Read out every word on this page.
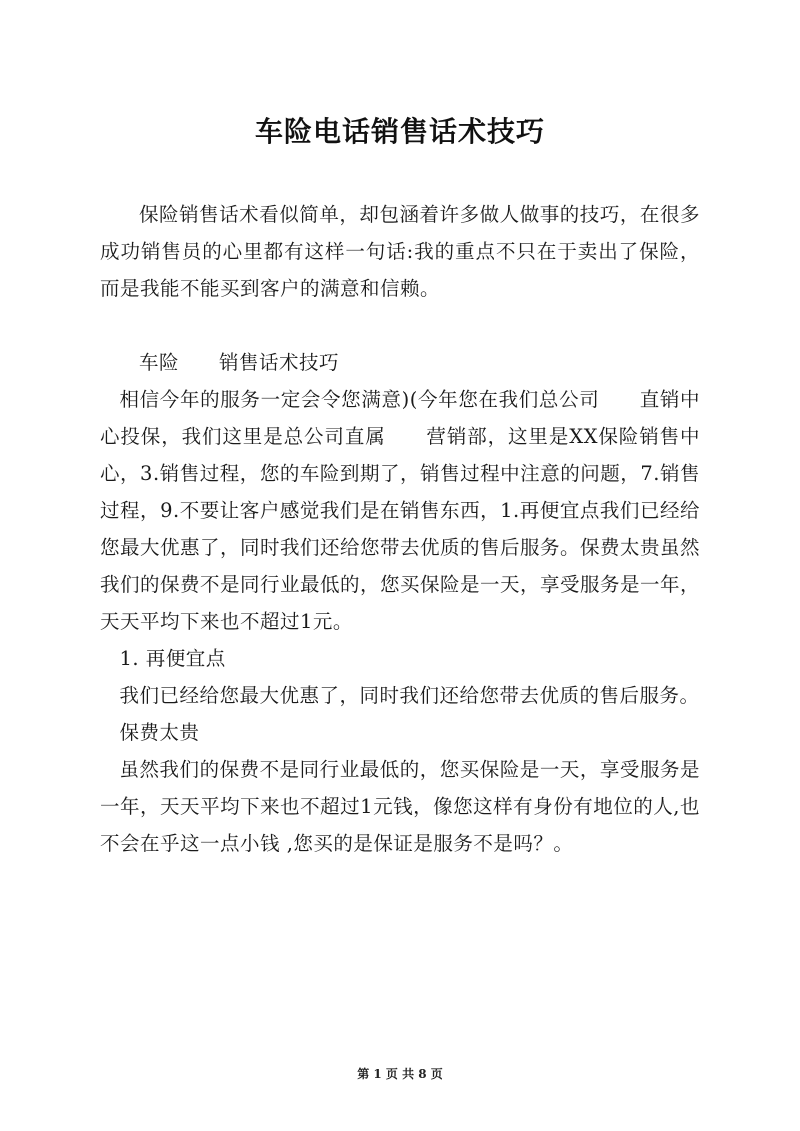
车险电话销售话术技巧

保险销售话术看似简单，却包涵着许多做人做事的技巧，在很多成功销售员的心里都有这样一句话:我的重点不只在于卖出了保险，而是我能不能买到客户的满意和信赖。

车险　　销售话术技巧

相信今年的服务一定会令您满意)(今年您在我们总公司　　直销中心投保，我们这里是总公司直属　　营销部，这里是XX保险销售中心，3.销售过程，您的车险到期了，销售过程中注意的问题，7.销售过程，9.不要让客户感觉我们是在销售东西，1.再便宜点我们已经给您最大优惠了，同时我们还给您带去优质的售后服务。保费太贵虽然我们的保费不是同行业最低的，您买保险是一天，享受服务是一年，天天平均下来也不超过1元。

1. 再便宜点

我们已经给您最大优惠了，同时我们还给您带去优质的售后服务。

保费太贵

虽然我们的保费不是同行业最低的，您买保险是一天，享受服务是一年，天天平均下来也不超过1元钱，像您这样有身份有地位的人,也不会在乎这一点小钱 ,您买的是保证是服务不是吗？。

第 1 页 共 8 页
